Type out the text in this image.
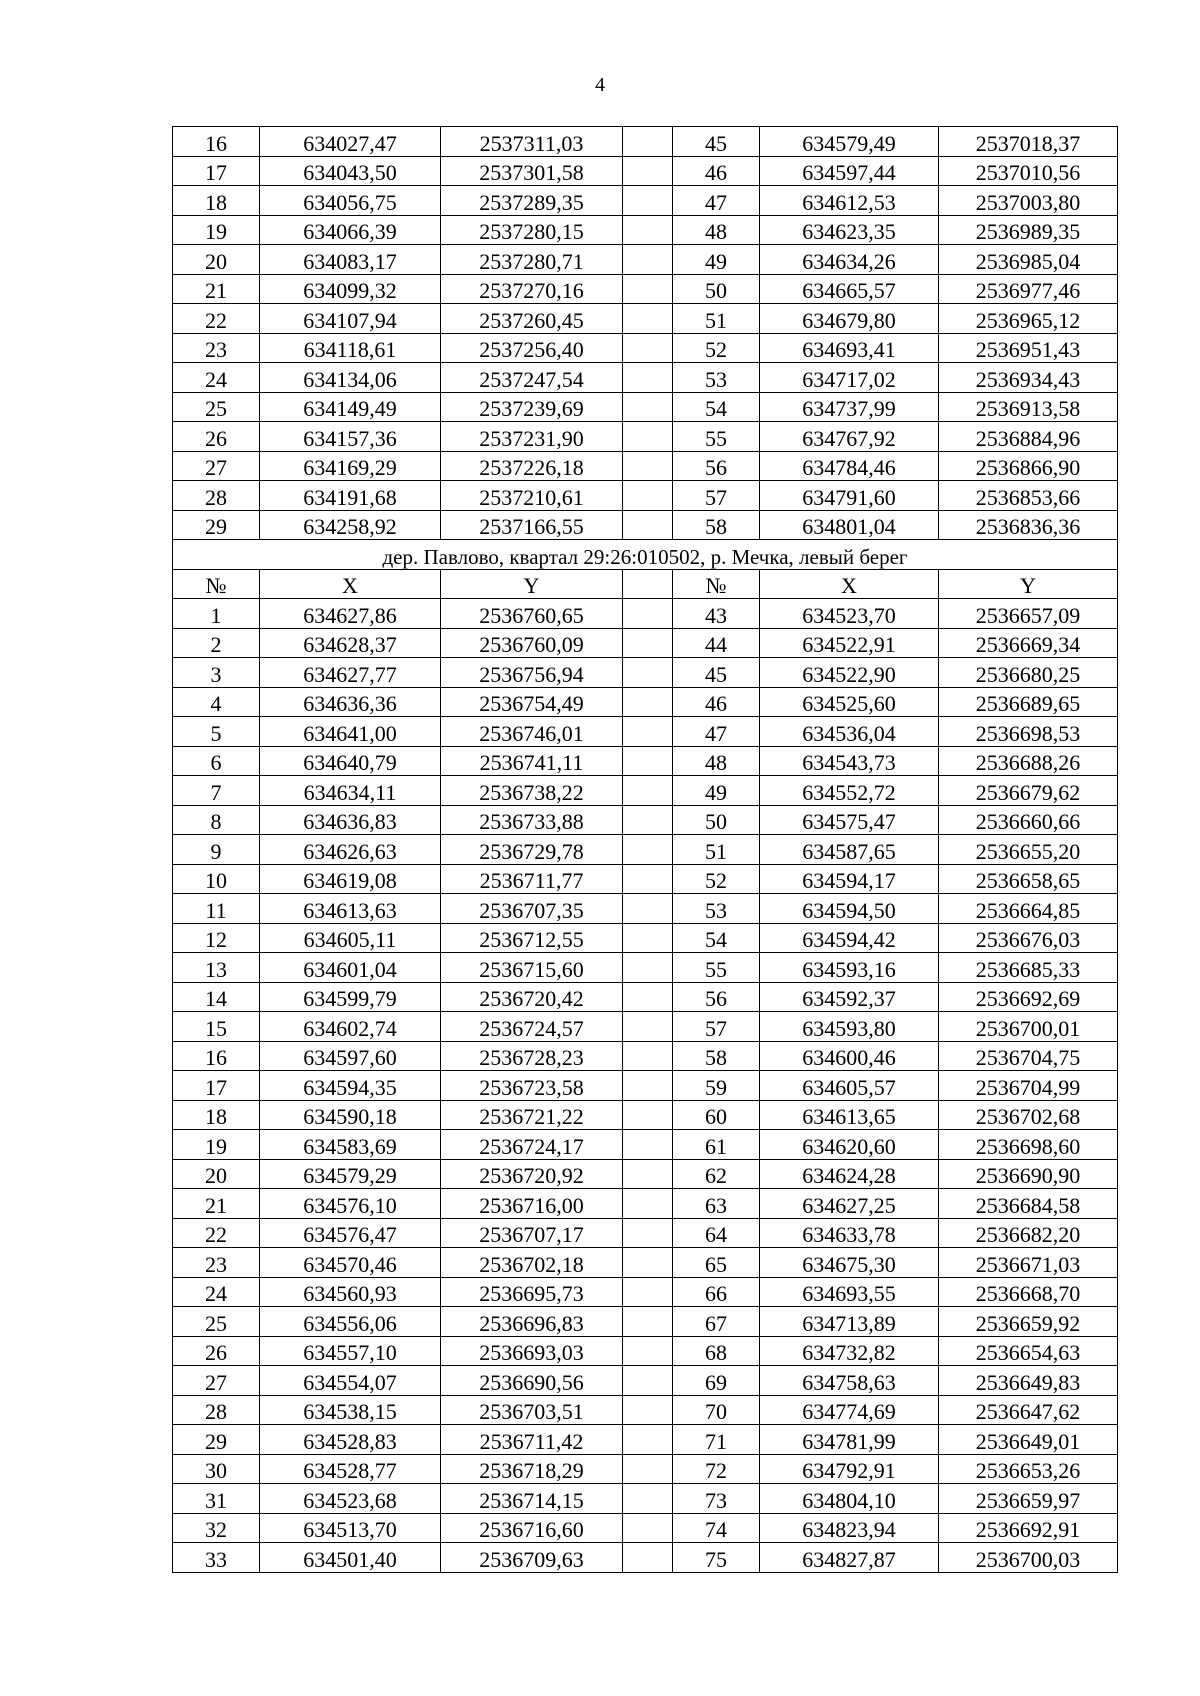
4
16	634027,47	2537311,03		45	634579,49	2537018,37
17	634043,50	2537301,58		46	634597,44	2537010,56
18	634056,75	2537289,35		47	634612,53	2537003,80
19	634066,39	2537280,15		48	634623,35	2536989,35
20	634083,17	2537280,71		49	634634,26	2536985,04
21	634099,32	2537270,16		50	634665,57	2536977,46
22	634107,94	2537260,45		51	634679,80	2536965,12
23	634118,61	2537256,40		52	634693,41	2536951,43
24	634134,06	2537247,54		53	634717,02	2536934,43
25	634149,49	2537239,69		54	634737,99	2536913,58
26	634157,36	2537231,90		55	634767,92	2536884,96
27	634169,29	2537226,18		56	634784,46	2536866,90
28	634191,68	2537210,61		57	634791,60	2536853,66
29	634258,92	2537166,55		58	634801,04	2536836,36
дер. Павлово, квартал 29:26:010502, р. Мечка, левый берег						
№	X	Y		№	X	Y
1	634627,86	2536760,65		43	634523,70	2536657,09
2	634628,37	2536760,09		44	634522,91	2536669,34
3	634627,77	2536756,94		45	634522,90	2536680,25
4	634636,36	2536754,49		46	634525,60	2536689,65
5	634641,00	2536746,01		47	634536,04	2536698,53
6	634640,79	2536741,11		48	634543,73	2536688,26
7	634634,11	2536738,22		49	634552,72	2536679,62
8	634636,83	2536733,88		50	634575,47	2536660,66
9	634626,63	2536729,78		51	634587,65	2536655,20
10	634619,08	2536711,77		52	634594,17	2536658,65
11	634613,63	2536707,35		53	634594,50	2536664,85
12	634605,11	2536712,55		54	634594,42	2536676,03
13	634601,04	2536715,60		55	634593,16	2536685,33
14	634599,79	2536720,42		56	634592,37	2536692,69
15	634602,74	2536724,57		57	634593,80	2536700,01
16	634597,60	2536728,23		58	634600,46	2536704,75
17	634594,35	2536723,58		59	634605,57	2536704,99
18	634590,18	2536721,22		60	634613,65	2536702,68
19	634583,69	2536724,17		61	634620,60	2536698,60
20	634579,29	2536720,92		62	634624,28	2536690,90
21	634576,10	2536716,00		63	634627,25	2536684,58
22	634576,47	2536707,17		64	634633,78	2536682,20
23	634570,46	2536702,18		65	634675,30	2536671,03
24	634560,93	2536695,73		66	634693,55	2536668,70
25	634556,06	2536696,83		67	634713,89	2536659,92
26	634557,10	2536693,03		68	634732,82	2536654,63
27	634554,07	2536690,56		69	634758,63	2536649,83
28	634538,15	2536703,51		70	634774,69	2536647,62
29	634528,83	2536711,42		71	634781,99	2536649,01
30	634528,77	2536718,29		72	634792,91	2536653,26
31	634523,68	2536714,15		73	634804,10	2536659,97
32	634513,70	2536716,60		74	634823,94	2536692,91
33	634501,40	2536709,63		75	634827,87	2536700,03
